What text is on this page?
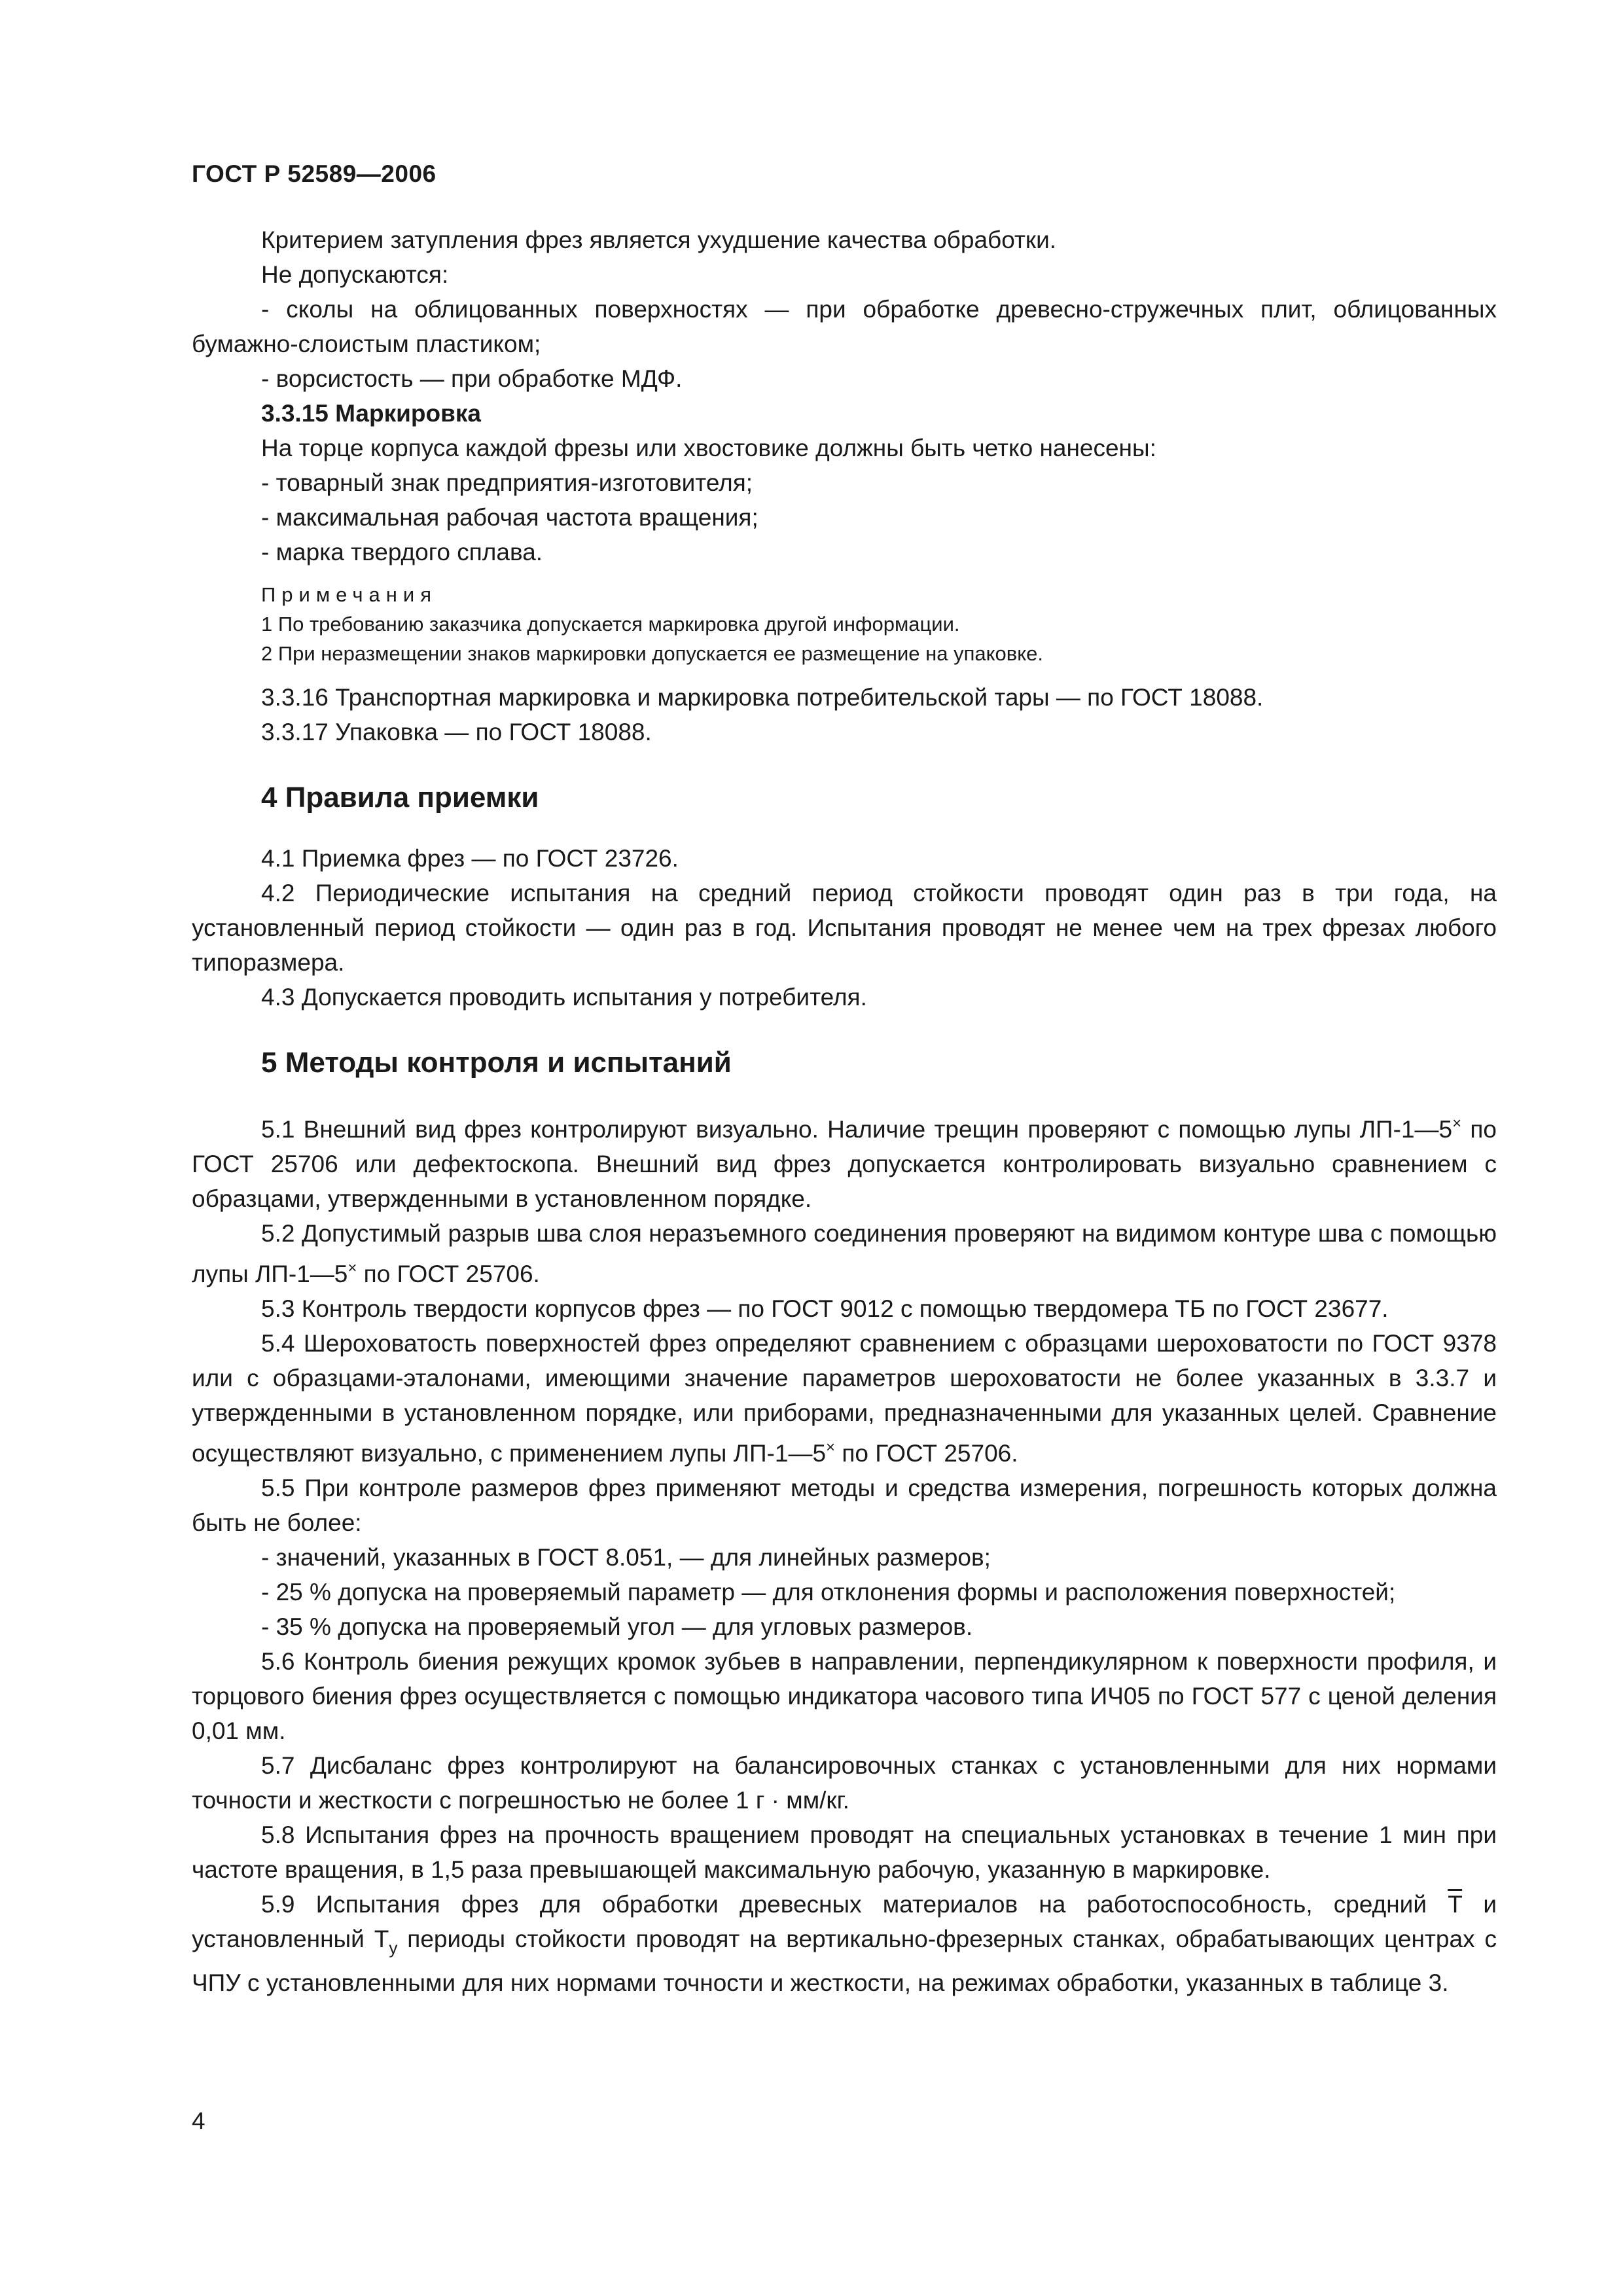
ГОСТ Р 52589—2006

Критерием затупления фрез является ухудшение качества обработки.

Не допускаются:

- сколы на облицованных поверхностях — при обработке древесно-стружечных плит, облицованных бумажно-слоистым пластиком;

- ворсистость — при обработке МДФ.

3.3.15 Маркировка

На торце корпуса каждой фрезы или хвостовике должны быть четко нанесены:

- товарный знак предприятия-изготовителя;

- максимальная рабочая частота вращения;

- марка твердого сплава.

Примечания

1 По требованию заказчика допускается маркировка другой информации.

2 При неразмещении знаков маркировки допускается ее размещение на упаковке.

3.3.16 Транспортная маркировка и маркировка потребительской тары — по ГОСТ 18088.

3.3.17 Упаковка — по ГОСТ 18088.

4 Правила приемки

4.1 Приемка фрез — по ГОСТ 23726.

4.2 Периодические испытания на средний период стойкости проводят один раз в три года, на установленный период стойкости — один раз в год. Испытания проводят не менее чем на трех фрезах любого типоразмера.

4.3 Допускается проводить испытания у потребителя.

5 Методы контроля и испытаний

5.1 Внешний вид фрез контролируют визуально. Наличие трещин проверяют с помощью лупы ЛП-1—5× по ГОСТ 25706 или дефектоскопа. Внешний вид фрез допускается контролировать визуально сравнением с образцами, утвержденными в установленном порядке.

5.2 Допустимый разрыв шва слоя неразъемного соединения проверяют на видимом контуре шва с помощью лупы ЛП-1—5× по ГОСТ 25706.

5.3 Контроль твердости корпусов фрез — по ГОСТ 9012 с помощью твердомера ТБ по ГОСТ 23677.

5.4 Шероховатость поверхностей фрез определяют сравнением с образцами шероховатости по ГОСТ 9378 или с образцами-эталонами, имеющими значение параметров шероховатости не более указанных в 3.3.7 и утвержденными в установленном порядке, или приборами, предназначенными для указанных целей. Сравнение осуществляют визуально, с применением лупы ЛП-1—5× по ГОСТ 25706.

5.5 При контроле размеров фрез применяют методы и средства измерения, погрешность которых должна быть не более:

- значений, указанных в ГОСТ 8.051, — для линейных размеров;

- 25 % допуска на проверяемый параметр — для отклонения формы и расположения поверхностей;

- 35 % допуска на проверяемый угол — для угловых размеров.

5.6 Контроль биения режущих кромок зубьев в направлении, перпендикулярном к поверхности профиля, и торцового биения фрез осуществляется с помощью индикатора часового типа ИЧ05 по ГОСТ 577 с ценой деления 0,01 мм.

5.7 Дисбаланс фрез контролируют на балансировочных станках с установленными для них нормами точности и жесткости с погрешностью не более 1 г · мм/кг.

5.8 Испытания фрез на прочность вращением проводят на специальных установках в течение 1 мин при частоте вращения, в 1,5 раза превышающей максимальную рабочую, указанную в маркировке.

5.9 Испытания фрез для обработки древесных материалов на работоспособность, средний $\overline{T}$ и установленный $T_у$ периоды стойкости проводят на вертикально-фрезерных станках, обрабатывающих центрах с ЧПУ с установленными для них нормами точности и жесткости, на режимах обработки, указанных в таблице 3.

4
